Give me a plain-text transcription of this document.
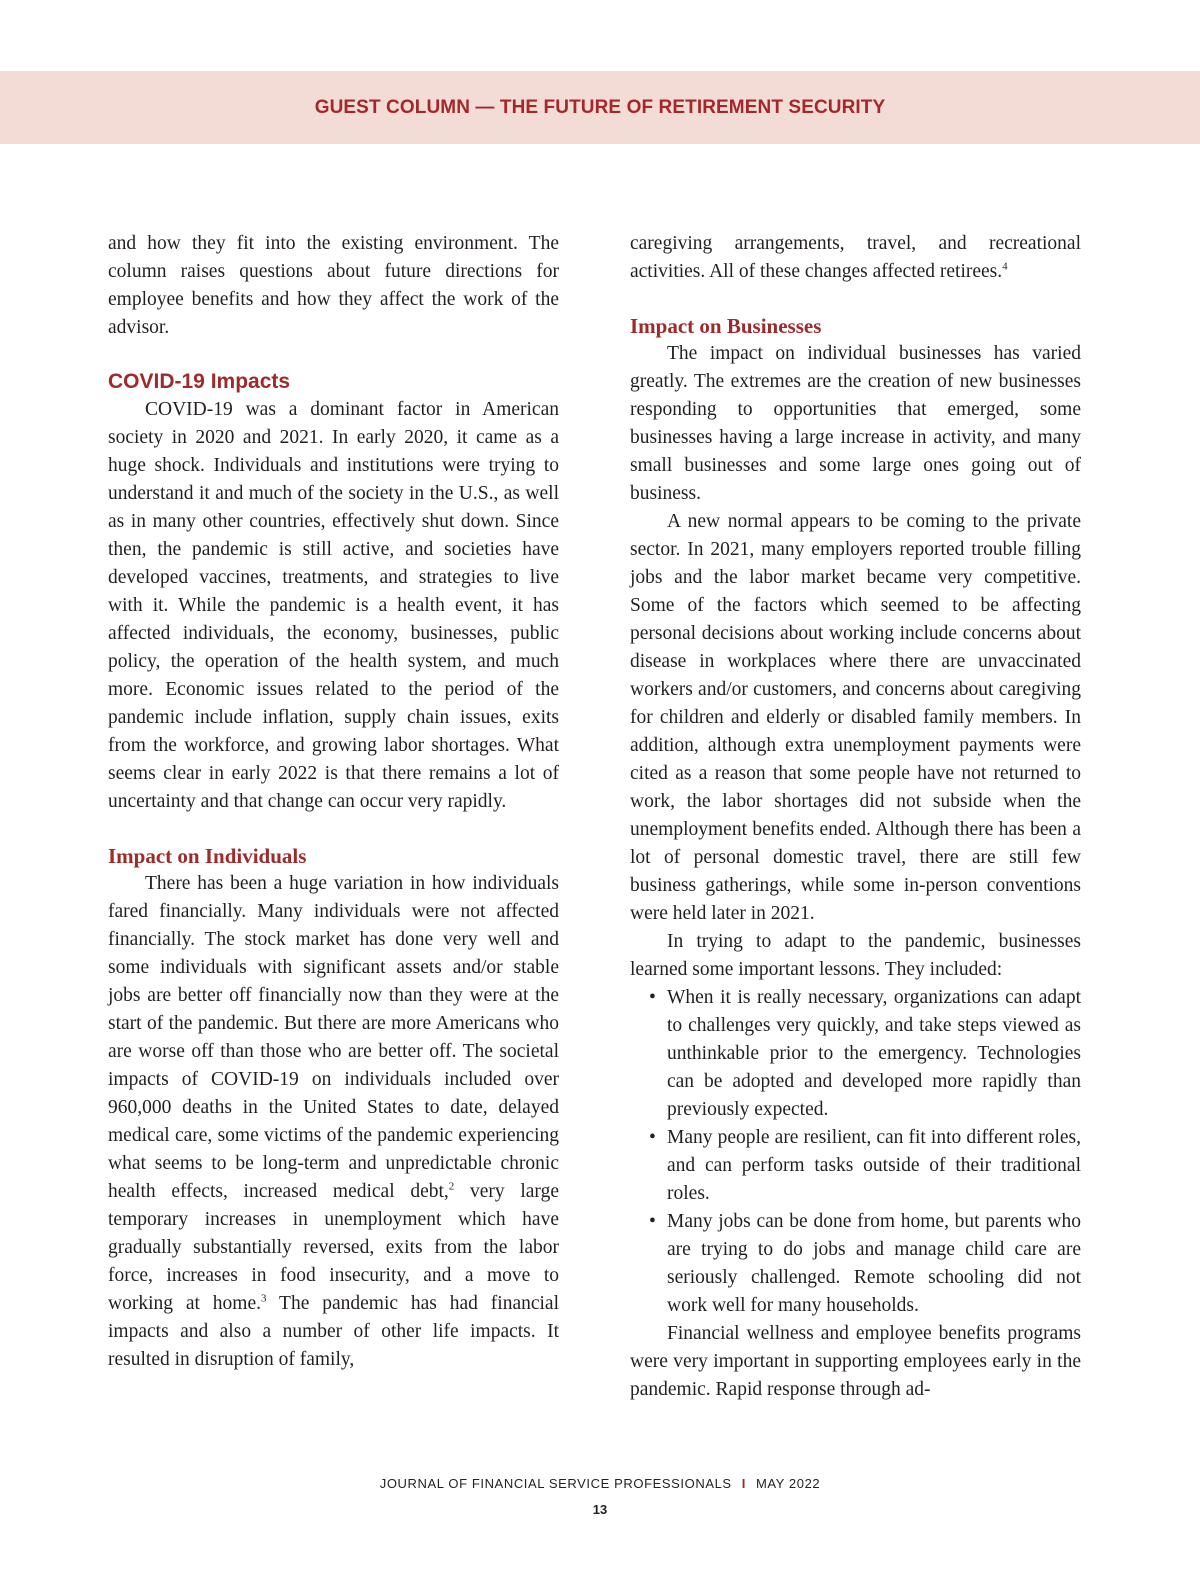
GUEST COLUMN — THE FUTURE OF RETIREMENT SECURITY

and how they fit into the existing environment. The column raises questions about future directions for employee benefits and how they affect the work of the advisor.

COVID-19 Impacts

COVID-19 was a dominant factor in American society in 2020 and 2021. In early 2020, it came as a huge shock. Individuals and institutions were trying to understand it and much of the society in the U.S., as well as in many other countries, effectively shut down. Since then, the pandemic is still active, and societies have developed vaccines, treatments, and strategies to live with it. While the pandemic is a health event, it has affected individuals, the economy, businesses, public policy, the operation of the health system, and much more. Economic issues related to the period of the pandemic include inflation, supply chain issues, exits from the workforce, and growing labor shortages. What seems clear in early 2022 is that there remains a lot of uncertainty and that change can occur very rapidly.

Impact on Individuals

There has been a huge variation in how individuals fared financially. Many individuals were not affected financially. The stock market has done very well and some individuals with significant assets and/or stable jobs are better off financially now than they were at the start of the pandemic. But there are more Americans who are worse off than those who are better off. The societal impacts of COVID-19 on individuals included over 960,000 deaths in the United States to date, delayed medical care, some victims of the pandemic experiencing what seems to be long-term and unpredictable chronic health effects, increased medical debt,$^2$ very large temporary increases in unemployment which have gradually substantially reversed, exits from the labor force, increases in food insecurity, and a move to working at home.$^3$ The pandemic has had financial impacts and also a number of other life impacts. It resulted in disruption of family,

caregiving arrangements, travel, and recreational activities. All of these changes affected retirees.$^4$

Impact on Businesses

The impact on individual businesses has varied greatly. The extremes are the creation of new businesses responding to opportunities that emerged, some businesses having a large increase in activity, and many small businesses and some large ones going out of business.

A new normal appears to be coming to the private sector. In 2021, many employers reported trouble filling jobs and the labor market became very competitive. Some of the factors which seemed to be affecting personal decisions about working include concerns about disease in workplaces where there are unvaccinated workers and/or customers, and concerns about caregiving for children and elderly or disabled family members. In addition, although extra unemployment payments were cited as a reason that some people have not returned to work, the labor shortages did not subside when the unemployment benefits ended. Although there has been a lot of personal domestic travel, there are still few business gatherings, while some in-person conventions were held later in 2021.

In trying to adapt to the pandemic, businesses learned some important lessons. They included:

• When it is really necessary, organizations can adapt to challenges very quickly, and take steps viewed as unthinkable prior to the emergency. Technologies can be adopted and developed more rapidly than previously expected.
• Many people are resilient, can fit into different roles, and can perform tasks outside of their traditional roles.
• Many jobs can be done from home, but parents who are trying to do jobs and manage child care are seriously challenged. Remote schooling did not work well for many households.

Financial wellness and employee benefits programs were very important in supporting employees early in the pandemic. Rapid response through ad-

JOURNAL OF FINANCIAL SERVICE PROFESSIONALS I MAY 2022
13
